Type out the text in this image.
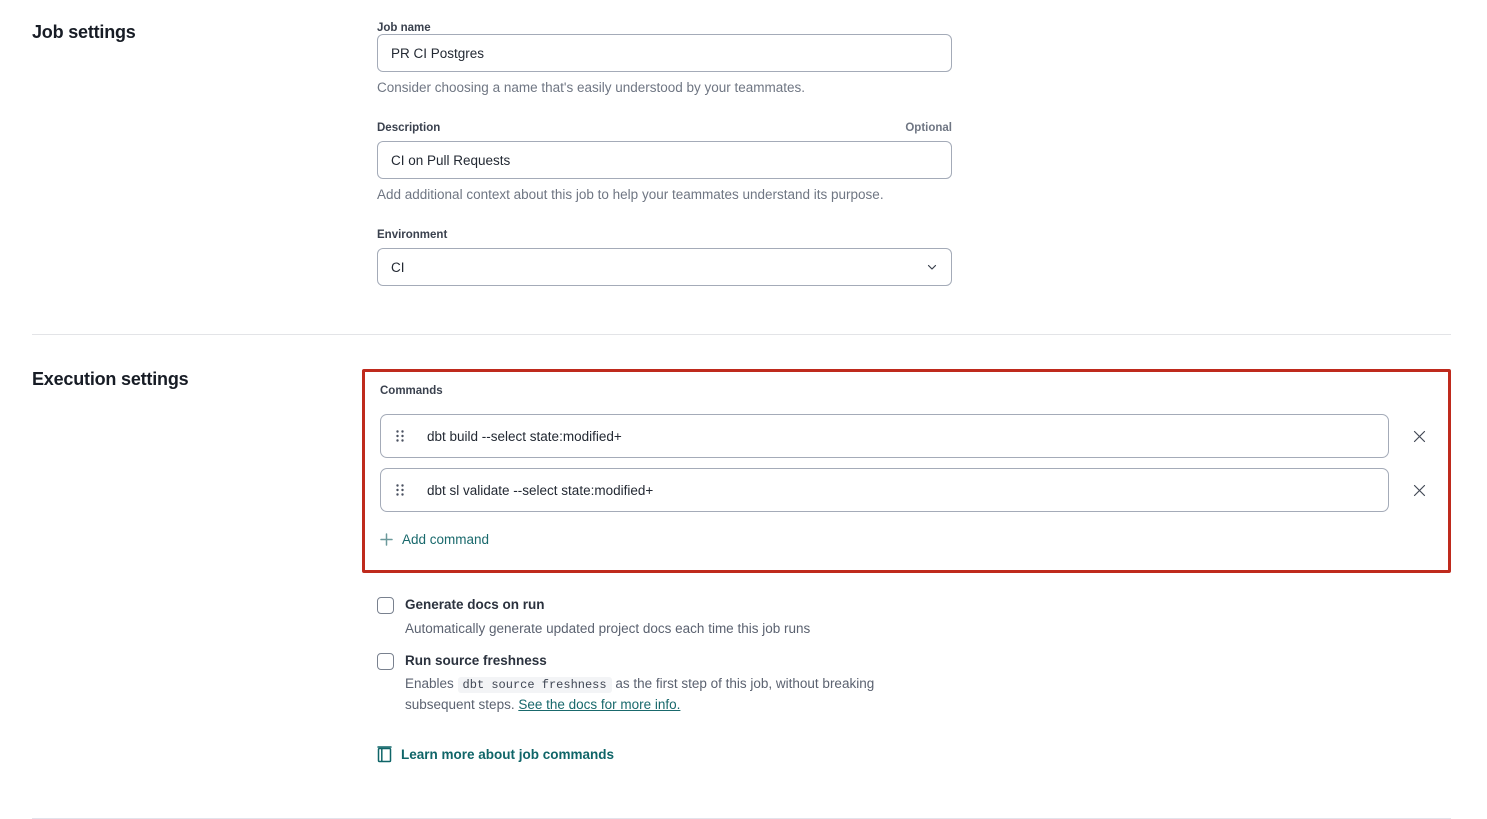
Job settings	Job name
PR CI Postgres

Consider choosing a name that's easily understood by your teammates.

Description	Optional
CI on Pull Requests

Add additional context about this job to help your teammates understand its purpose.

Environment
CI
Execution settings
Commands
dbt build --select state:modified+
dbt sl validate --select state:modified+
Add command
Generate docs on run

Automatically generate updated project docs each time this job runs

Run source freshness

Enables dbt source freshness as the first step of this job, without breaking subsequent steps. See the docs for more info.

Learn more about job commands
